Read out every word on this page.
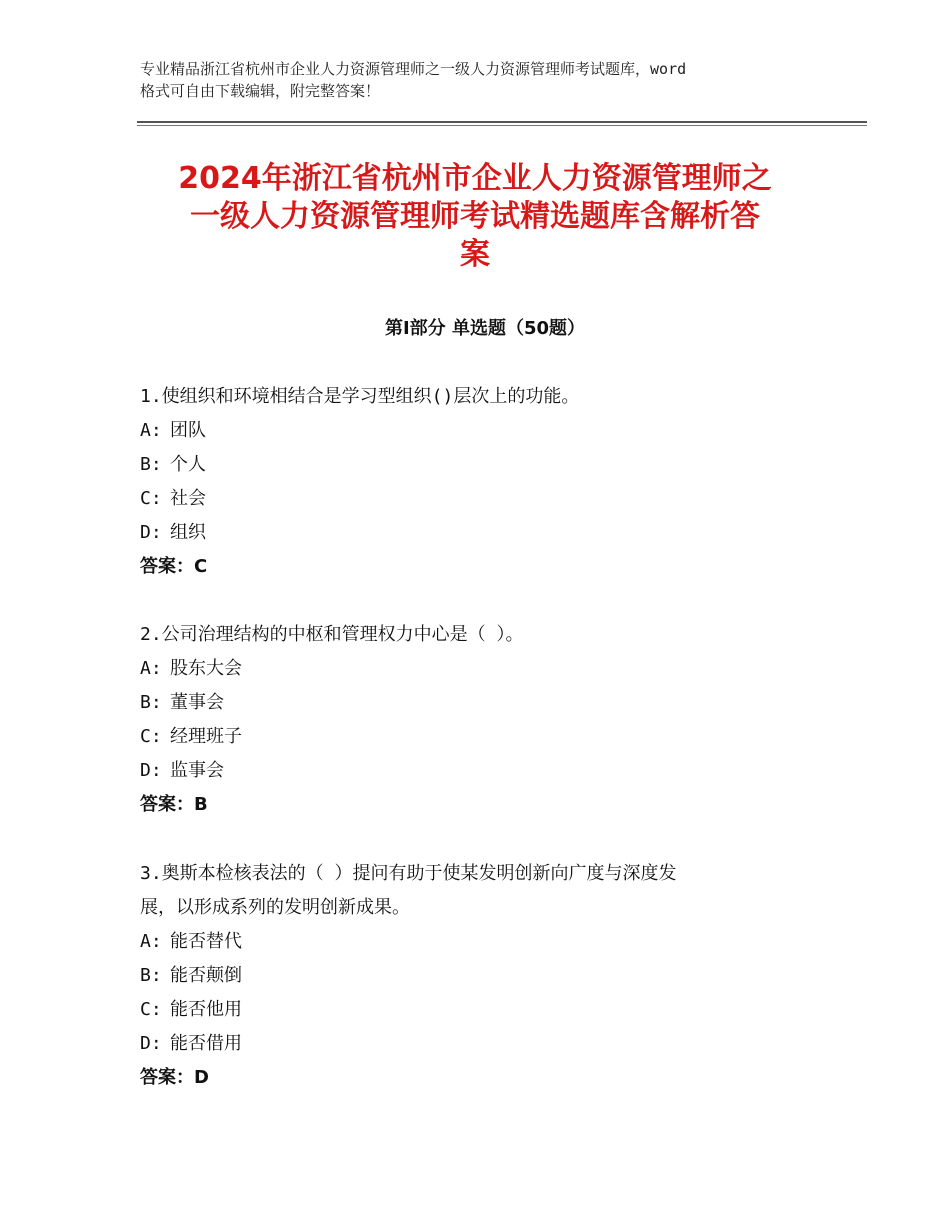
专业精品浙江省杭州市企业人力资源管理师之一级人力资源管理师考试题库，word
格式可自由下载编辑，附完整答案！
2024年浙江省杭州市企业人力资源管理师之
一级人力资源管理师考试精选题库含解析答
案
第Ⅰ部分 单选题（50题）

1.使组织和环境相结合是学习型组织()层次上的功能。

A: 团队

B: 个人

C: 社会

D: 组织

答案：C

2.公司治理结构的中枢和管理权力中心是（ ）。

A: 股东大会

B: 董事会

C: 经理班子

D: 监事会

答案：B

3.奥斯本检核表法的（ ）提问有助于使某发明创新向广度与深度发

展，以形成系列的发明创新成果。

A: 能否替代

B: 能否颠倒

C: 能否他用

D: 能否借用

答案：D
